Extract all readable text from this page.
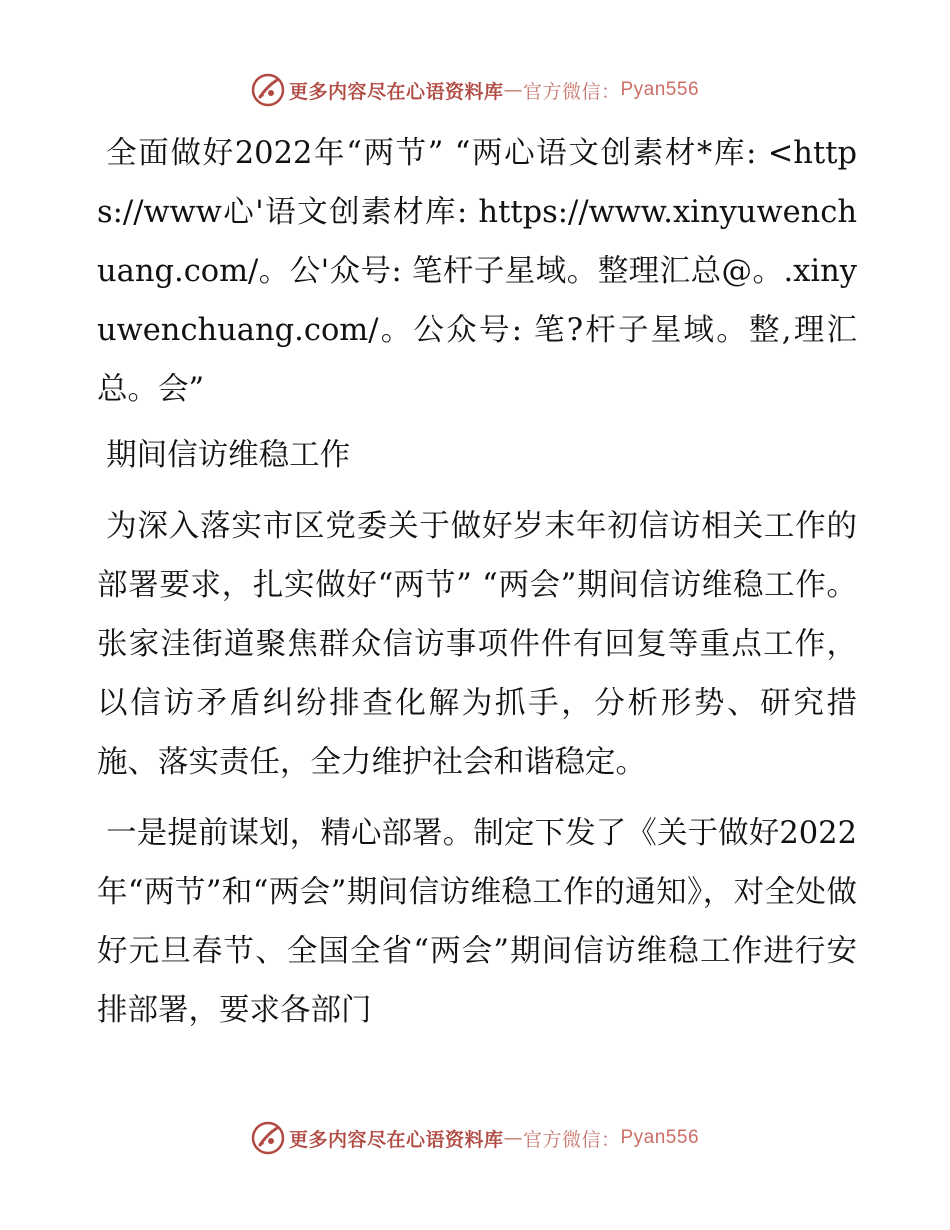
更多内容尽在心语资料库 — 官方微信： Pyan556

全面做好2022年“两节” “两心语文创素材*库: <https://www心'语文创素材库: https://www.xinyuwenchuang.com/。公'众号: 笔杆子星域。整理汇总@。.xinyuwenchuang.com/。公众号: 笔?杆子星域。整,理汇总。会”

期间信访维稳工作

为深入落实市区党委关于做好岁末年初信访相关工作的部署要求，扎实做好“两节” “两会”期间信访维稳工作。张家洼街道聚焦群众信访事项件件有回复等重点工作，以信访矛盾纠纷排查化解为抓手，分析形势、研究措施、落实责任，全力维护社会和谐稳定。

一是提前谋划，精心部署。制定下发了《关于做好2022年“两节”和“两会”期间信访维稳工作的通知》，对全处做好元旦春节、全国全省“两会”期间信访维稳工作进行安排部署，要求各部门

更多内容尽在心语资料库 — 官方微信： Pyan556
